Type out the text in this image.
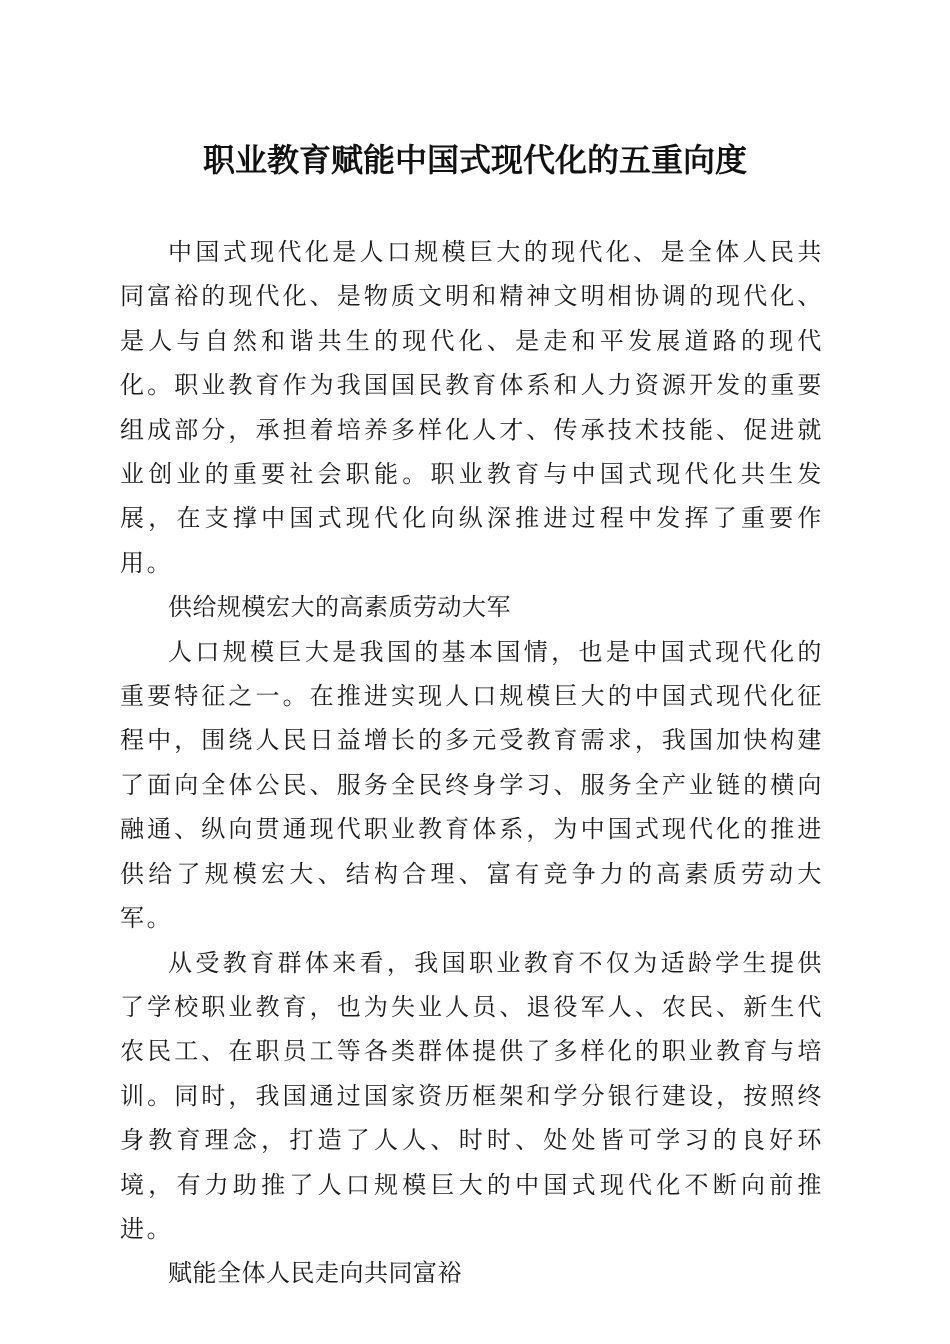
职业教育赋能中国式现代化的五重向度

中国式现代化是人口规模巨大的现代化、是全体人民共同富裕的现代化、是物质文明和精神文明相协调的现代化、是人与自然和谐共生的现代化、是走和平发展道路的现代化。职业教育作为我国国民教育体系和人力资源开发的重要组成部分，承担着培养多样化人才、传承技术技能、促进就业创业的重要社会职能。职业教育与中国式现代化共生发展，在支撑中国式现代化向纵深推进过程中发挥了重要作用。

供给规模宏大的高素质劳动大军

人口规模巨大是我国的基本国情，也是中国式现代化的重要特征之一。在推进实现人口规模巨大的中国式现代化征程中，围绕人民日益增长的多元受教育需求，我国加快构建了面向全体公民、服务全民终身学习、服务全产业链的横向融通、纵向贯通现代职业教育体系，为中国式现代化的推进供给了规模宏大、结构合理、富有竞争力的高素质劳动大军。

从受教育群体来看，我国职业教育不仅为适龄学生提供了学校职业教育，也为失业人员、退役军人、农民、新生代农民工、在职员工等各类群体提供了多样化的职业教育与培训。同时，我国通过国家资历框架和学分银行建设，按照终身教育理念，打造了人人、时时、处处皆可学习的良好环境，有力助推了人口规模巨大的中国式现代化不断向前推进。

赋能全体人民走向共同富裕
